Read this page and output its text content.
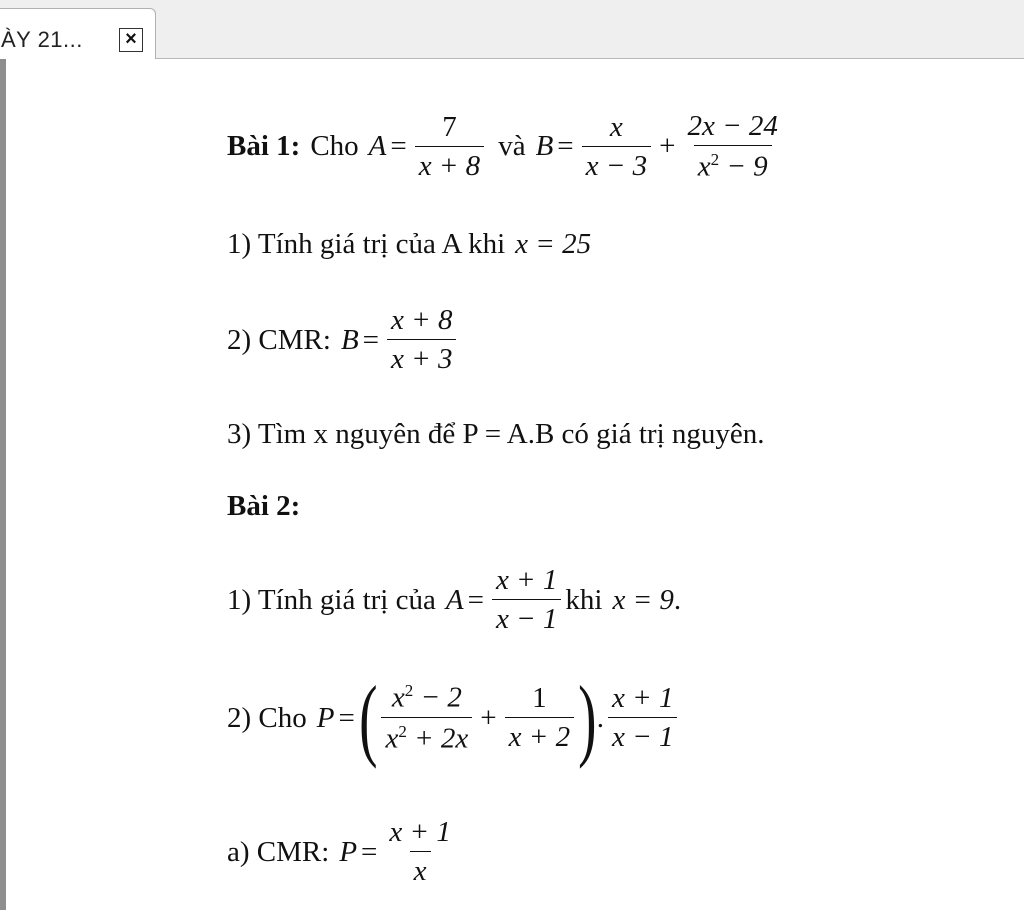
ÀY 21...	×
Bài 1: Cho $A = \frac{7}{x + 8}$ và $B = \frac{x}{x - 3} + \frac{2x - 24}{x^2 - 9}$
1) Tính giá trị của A khi x = 25
2) CMR: $B = \frac{x + 8}{x + 3}$
3) Tìm x nguyên để P = A.B có giá trị nguyên.
Bài 2:
1) Tính giá trị của $A = \frac{x + 1}{x - 1}$ khi x = 9 .
2) Cho P = ( $\frac{x^2 - 2}{x^2 + 2x} + \frac{1}{x + 2}$ ) . $\frac{x + 1}{x - 1}$
a) CMR: $P = \frac{x + 1}{x}$
